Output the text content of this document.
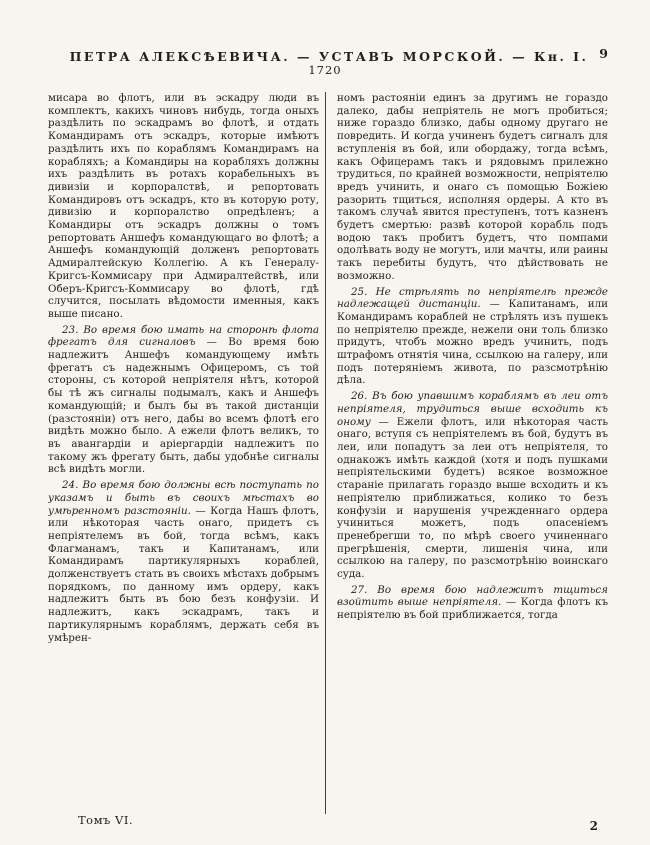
ПЕТРА АЛЕКСѢЕВИЧА. — УСТАВЪ МОРСКОЙ. — Кн. I. 9
1720

мисара во флотъ, или въ эскадру люди въ комплектъ, какихъ чиновъ нибудь, тогда оныхъ раздѣлить по эскадрамъ во флотѣ, и отдать Командирамъ отъ эскадръ, которые имѣютъ раздѣлить ихъ по кораблямъ Командирамъ на корабляхъ; а Командиры на корабляхъ должны ихъ раздѣлить въ ротахъ корабельныхъ въ дивизіи и корпоралствѣ, и репортовать Командировъ отъ эскадръ, кто въ которую роту, дивизію и корпоралство опредѣленъ; а Командиры отъ эскадръ должны о томъ репортовать Аншефъ командующаго во флотѣ; а Аншефъ командующій долженъ репортовать Адмиралтейскую Коллегію. А къ Генералу-Кригсъ-Коммисару при Адмиралтействѣ, или Оберъ-Кригсъ-Коммисару во флотѣ, гдѣ случится, посылать вѣдомости именныя, какъ выше писано.

23. Во время бою имать на сторонѣ флота фрегатъ для сигналовъ — Во время бою надлежитъ Аншефъ командующему имѣть фрегатъ съ надежнымъ Офицеромъ, съ той стороны, съ которой непріятеля нѣтъ, которой бы тѣ жъ сигналы подымалъ, какъ и Аншефъ командующій; и былъ бы въ такой дистанціи (разстояніи) отъ него, дабы во всемъ флотѣ его видѣть можно было. А ежели флотъ великъ, то въ авангардіи и аріергардіи надлежитъ по такому жъ фрегату быть, дабы удобнѣе сигналы всѣ видѣть могли.

24. Во время бою должны всѣ поступать по указамъ и быть въ своихъ мѣстахъ во умѣренномъ разстояніи. — Когда Нашъ флотъ, или нѣкоторая часть онаго, придетъ съ непріятелемъ въ бой, тогда всѣмъ, какъ Флагманамъ, такъ и Капитанамъ, или Командирамъ партикулярныхъ кораблей, долженствуетъ стать въ своихъ мѣстахъ добрымъ порядкомъ, по данному имъ ордеру, какъ надлежитъ быть въ бою безъ конфузіи. И надлежитъ, какъ эскадрамъ, такъ и партикулярнымъ кораблямъ, держать себя въ умѣрен-

номъ растояніи единъ за другимъ не гораздо далеко, дабы непріятель не могъ пробиться; ниже гораздо близко, дабы одному другаго не повредить. И когда учиненъ будетъ сигналъ для вступленія въ бой, или обордажу, тогда всѣмъ, какъ Офицерамъ такъ и рядовымъ прилежно трудиться, по крайней возможности, непріятелю вредъ учинить, и онаго съ помощью Божіею разорить тщиться, исполняя ордеры. А кто въ такомъ случаѣ явится преступенъ, тотъ казненъ будетъ смертью: развѣ которой корабль подъ водою такъ пробитъ будетъ, что помпами одолѣвать воду не могутъ, или мачты, или раины такъ перебиты будутъ, что дѣйствовать не возможно.

25. Не стрѣлять по непріятелѣ прежде надлежащей дистанціи. — Капитанамъ, или Командирамъ кораблей не стрѣлять изъ пушекъ по непріятелю прежде, нежели они толь близко придутъ, чтобъ можно вредъ учинить, подъ штрафомъ отнятія чина, ссылкою на галеру, или подъ потеряніемъ живота, по разсмотрѣнію дѣла.

26. Въ бою упавшимъ кораблямъ въ леи отъ непріятеля, трудиться выше всходить къ оному — Ежели флотъ, или нѣкоторая часть онаго, вступя съ непріятелемъ въ бой, будутъ въ леи, или попадутъ за леи отъ непріятеля, то однакожъ имѣть каждой (хотя и подъ пушками непріятельскими будетъ) всякое возможное стараніе прилагать гораздо выше всходить и къ непріятелю приближаться, колико то безъ конфузіи и нарушенія учрежденнаго ордера учиниться можетъ, подъ опасеніемъ пренебрегши то, по мѣрѣ своего учиненнаго прегрѣшенія, смерти, лишенія чина, или ссылкою на галеру, по разсмотрѣнію воинскаго суда.

27. Во время бою надлежитъ тщиться взойтить выше непріятеля. — Когда флотъ къ непріятелю въ бой приближается, тогда

Томъ VI.	2
